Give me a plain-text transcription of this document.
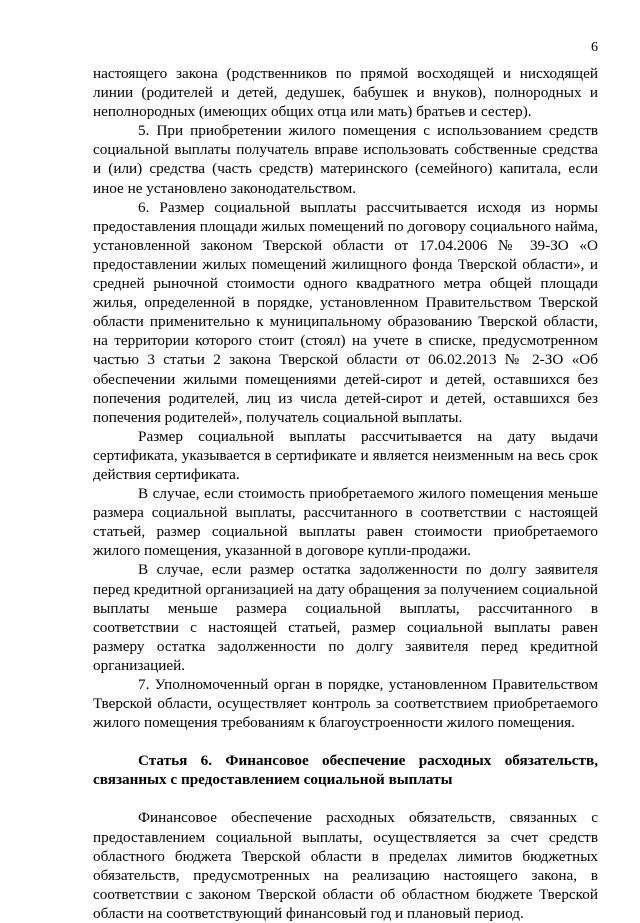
6

настоящего закона (родственников по прямой восходящей и нисходящей линии (родителей и детей, дедушек, бабушек и внуков), полнородных и неполнородных (имеющих общих отца или мать) братьев и сестер).

5. При приобретении жилого помещения с использованием средств социальной выплаты получатель вправе использовать собственные средства и (или) средства (часть средств) материнского (семейного) капитала, если иное не установлено законодательством.

6. Размер социальной выплаты рассчитывается исходя из нормы предоставления площади жилых помещений по договору социального найма, установленной законом Тверской области от 17.04.2006 № 39-ЗО «О предоставлении жилых помещений жилищного фонда Тверской области», и средней рыночной стоимости одного квадратного метра общей площади жилья, определенной в порядке, установленном Правительством Тверской области применительно к муниципальному образованию Тверской области, на территории которого стоит (стоял) на учете в списке, предусмотренном частью 3 статьи 2 закона Тверской области от 06.02.2013 № 2-ЗО «Об обеспечении жилыми помещениями детей-сирот и детей, оставшихся без попечения родителей, лиц из числа детей-сирот и детей, оставшихся без попечения родителей», получатель социальной выплаты.

Размер социальной выплаты рассчитывается на дату выдачи сертификата, указывается в сертификате и является неизменным на весь срок действия сертификата.

В случае, если стоимость приобретаемого жилого помещения меньше размера социальной выплаты, рассчитанного в соответствии с настоящей статьей, размер социальной выплаты равен стоимости приобретаемого жилого помещения, указанной в договоре купли-продажи.

В случае, если размер остатка задолженности по долгу заявителя перед кредитной организацией на дату обращения за получением социальной выплаты меньше размера социальной выплаты, рассчитанного в соответствии с настоящей статьей, размер социальной выплаты равен размеру остатка задолженности по долгу заявителя перед кредитной организацией.

7. Уполномоченный орган в порядке, установленном Правительством Тверской области, осуществляет контроль за соответствием приобретаемого жилого помещения требованиям к благоустроенности жилого помещения.

Статья 6. Финансовое обеспечение расходных обязательств, связанных с предоставлением социальной выплаты

Финансовое обеспечение расходных обязательств, связанных с предоставлением социальной выплаты, осуществляется за счет средств областного бюджета Тверской области в пределах лимитов бюджетных обязательств, предусмотренных на реализацию настоящего закона, в соответствии с законом Тверской области об областном бюджете Тверской области на соответствующий финансовый год и плановый период.
